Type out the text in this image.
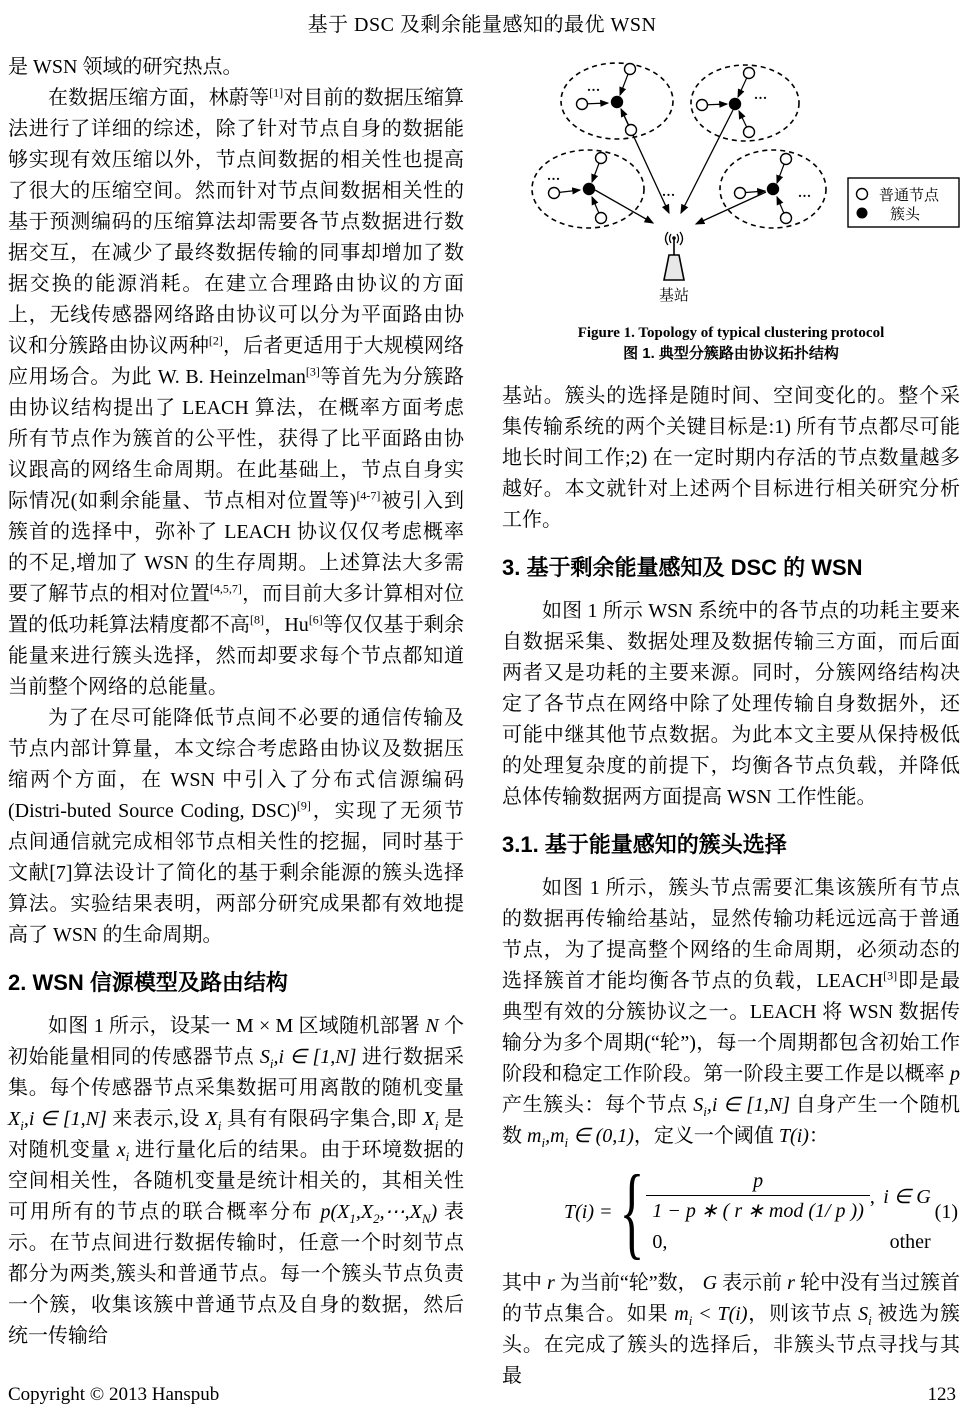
基于 DSC 及剩余能量感知的最优 WSN

是 WSN 领域的研究热点。

在数据压缩方面，林蔚等[1]对目前的数据压缩算法进行了详细的综述，除了针对节点自身的数据能够实现有效压缩以外，节点间数据的相关性也提高了很大的压缩空间。然而针对节点间数据相关性的基于预测编码的压缩算法却需要各节点数据进行数据交互，在减少了最终数据传输的同事却增加了数据交换的能源消耗。在建立合理路由协议的方面上，无线传感器网络路由协议可以分为平面路由协议和分簇路由协议两种[2]，后者更适用于大规模网络应用场合。为此 W. B. Heinzelman[3]等首先为分簇路由协议结构提出了 LEACH 算法，在概率方面考虑所有节点作为簇首的公平性，获得了比平面路由协议跟高的网络生命周期。在此基础上，节点自身实际情况(如剩余能量、节点相对位置等)[4-7]被引入到簇首的选择中，弥补了 LEACH 协议仅仅考虑概率的不足,增加了 WSN 的生存周期。上述算法大多需要了解节点的相对位置[4,5,7]，而目前大多计算相对位置的低功耗算法精度都不高[8]，Hu[6]等仅仅基于剩余能量来进行簇头选择，然而却要求每个节点都知道当前整个网络的总能量。

为了在尽可能降低节点间不必要的通信传输及节点内部计算量，本文综合考虑路由协议及数据压缩两个方面，在 WSN 中引入了分布式信源编码(Distri-buted Source Coding, DSC)[9]，实现了无须节点间通信就完成相邻节点相关性的挖掘，同时基于文献[7]算法设计了简化的基于剩余能源的簇头选择算法。实验结果表明，两部分研究成果都有效地提高了 WSN 的生命周期。

2. WSN 信源模型及路由结构

如图 1 所示，设某一 M × M 区域随机部署 N 个初始能量相同的传感器节点 $S_i,i$ ∈ [1,N] 进行数据采集。每个传感器节点采集数据可用离散的随机变量 $X_i,i$ ∈ [1,N] 来表示,设 $X_i$ 具有有限码字集合,即 $X_i$ 是对随机变量 $x_i$ 进行量化后的结果。由于环境数据的空间相关性，各随机变量是统计相关的，其相关性可用所有的节点的联合概率分布 $p(X_1,X_2,\cdots,X_N)$ 表示。在节点间进行数据传输时，任意一个时刻节点都分为两类,簇头和普通节点。每一个簇头节点负责一个簇，收集该簇中普通节点及自身的数据，然后统一传输给

...
...
...
...
...
基站
普通节点
簇头
Figure 1. Topology of typical clustering protocol
图 1. 典型分簇路由协议拓扑结构

基站。簇头的选择是随时间、空间变化的。整个采集传输系统的两个关键目标是:1) 所有节点都尽可能地长时间工作;2) 在一定时期内存活的节点数量越多越好。本文就针对上述两个目标进行相关研究分析工作。

3. 基于剩余能量感知及 DSC 的 WSN

如图 1 所示 WSN 系统中的各节点的功耗主要来自数据采集、数据处理及数据传输三方面，而后面两者又是功耗的主要来源。同时，分簇网络结构决定了各节点在网络中除了处理传输自身数据外，还可能中继其他节点数据。为此本文主要从保持极低的处理复杂度的前提下，均衡各节点负载，并降低总体传输数据两方面提高 WSN 工作性能。

3.1. 基于能量感知的簇头选择

如图 1 所示，簇头节点需要汇集该簇所有节点的数据再传输给基站，显然传输功耗远远高于普通节点，为了提高整个网络的生命周期，必须动态的选择簇首才能均衡各节点的负载，LEACH[3]即是最典型有效的分簇协议之一。LEACH 将 WSN 数据传输分为多个周期(“轮”)，每一个周期都包含初始工作阶段和稳定工作阶段。第一阶段主要工作是以概率 p 产生簇头：每个节点 $S_i,i$ ∈ [1,N] 自身产生一个随机数 $m_i,m_i$ ∈ (0,1)，定义一个阈值 T(i)：

T(i) = { $\frac{p}{\text{1 − p ∗ ( r ∗ mod (1/ p ))}}$ , i ∈ G
0,	other
(1)

其中 r 为当前“轮”数， G 表示前 r 轮中没有当过簇首的节点集合。如果 $m_i < T(i)$，则该节点 $S_i$ 被选为簇头。在完成了簇头的选择后，非簇头节点寻找与其最

Copyright © 2013 Hanspub	123
